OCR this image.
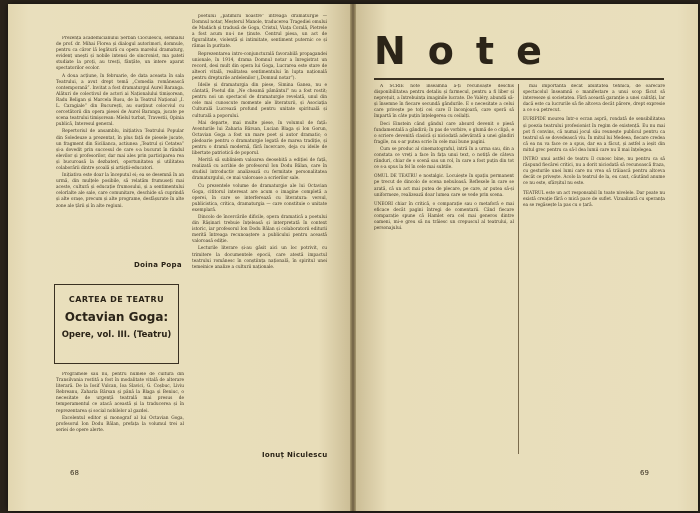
Prezența academicianului Șerban Cioculescu, semnalul de prof. dr. Mihai Florea și dialogul autorimori, domnule, pentru ca căror lă legătură cu opera marelui dramaturg, evidenț unești și nobile intensi de sincronist, ma pateti studiate la proți, au tresți, fânțăte, un intere aparat spectatorilor ecolor.

A doua acțiune, în februarie, de data aceasta în sala Teatrului, a avut drept temă „Comedia românească contemporană”. Invitat a fost dramaturgul Aurel Baranga. Alături de colectivul de actori ai Naționalului timișorean, Radu Beligan și Marcela Rusu, de la Teatrul Național „I. L. Caragiale” din București, au susținut colocviul cu cercetătorii din opera piesei de Aurel Baranga, jucate pe scena teatrului timișorean: Mielul turbat, Travestii, Opinia publică, Interesul general.

Repertoriul de ansamblu, inițiativa Teatrului Popular din Soledeuze a prezentat, în plus față de piesele jucate, un fragment din Sicilianca, actiunea „Teatrul și Cetatea” și-a dovedit prin succesul de care s-a bucurat în rândul elevilor și profesorilor, dar mai ales prin participarea rea și bucuroasă la dezbateri, oportunitatea și utilitatea colaborării dintre școală și artiștii-educatori.

Inițiativa este doar la începutul ei; ea se desemnă în an urmă, din mulțele posibile, să relatăm frumuseți mai aceste, cultură și educație frumosului, și a sentimentului celorlalte ale sale, care comunitare, deschide să cuprindă și alte orașe, precum și alte programe, desfășurate în alte zone ale țării și în alte regiuni.

Doina Popa
CARTEA DE TEATRU
Octavian Goga:
Opere, vol. III. (Teatru)

Programele sau nu, pentru numele de cultura din Transilvania rostită a fost în modalitate vitală de alterare literară. De la Iosif Vulcan, Ioa Slavici, G. Coșbuc, Liviu Rebreanu, Zaharia Bârsan și până la Blaga și Beniuc, o necesitate de urgență teatrală mai presus de temperamentul ce atacă această și la traducerea și în reprezentarea și social nobilelor al gazdei.

Excelentul editor și monograf al lui Octavian Goga, profesorul Ion Dodu Bălan, prefața la volumul trei al seriei de opere alerte.

poetului „pătimirii noastre” întreagă dramaturgie — Domnul notar, Meșterul Manole, traducerea Tragediei omului de Madách și tradusă de Goga, Cristul, Viața Corală, Pietrele a fost acum nu-i ne ținute. Centrul piesa, un act de figuralitate, violență și intimitate, sentiment puternic ce și rămas în puritate.

Reprezentarea intro-conjuncturală favorabilă propagandei unionale, în 1914, drama Domnul notar a înregistrat un record, desi mult din opera lui Goga, Lucrarea este stare de alteori vitală, realitatea sentimentului în lupta națională pentru drepturile ardelenilor („Domnul notar”).

Ideile și dramaturgia din piese, Simina Ganea, nu e cântată, Poetul din „Ne cheamă pământul” nu a fost rostit; pentru noi un spectacol de dramaturgie revelată, unul din cele mai cunoscute momente ale literaturii, și Asociația Culturală Lucrează profund pentru unitate spirituală și culturală a poporului.

Mai departe, mai multe piese, în volumul de față: Aventurile lui Zaharia Bârsan, Lucian Blaga și Ion Gorun, Octavian Goga a fost un mare poet și autor dramatic; o pledoarie pentru o dramaturgie legată de marea tradiție, și pentru o dramă modernă, fără încercare, deja cu ideile de libertate patriotică de poporul.

Merită să subliniem valoarea deosebită a ediției de față, realizată cu acribie de profesorul Ion Dodu Bălan, care în studiul introductiv analizează cu fermitate personalitatea dramaturgului, ce mai valoroase a scrierilor sale.

Cu prezentele volume de dramaturgie ale lui Octavian Goga, cititorul interesat are acum o imagine completă a operei, în care se interferează cu literatura: versul, publicistica, critica, dramaturgia — care constituie o unitate exemplară.

Dincolo de încercările dificile, opera dramatică a poetului din Rășinari trebuie înțeleasă și interpretată în context istoric, iar profesorul Ion Dodu Bălan și colaboratorii editurii merită întreaga recunoaștere a publicului pentru această valoroasă ediție.

Lecturile literare și-au găsit aici un loc potrivit, cu trimitere la documentele epocii, care atestă impactul teatrului românesc în conștiința națională, în spiritul unei temeinice analize a culturii naționale.

Ionuț Niculescu
68
Note

A SCRIE note înseamnă a-ți recunoaște deschis disponibilitatea pentru detaliu și farmecul, pentru a fi liber și neprețuit, a întrebuința imaginile lucrate. De Valéry, abundă să-și însemne în fiecare secundă gândurile. E o necesitate a celui care privește pe toți cei care îl înconjoară, care speră să împartă în câte puțin înțelegerea cu ceilalți.

Deci Einstein când gândul care absurd devenit o piesă fundamentală a gândirii; în pas de vorbire, o glumă de o clipă, e o scriere devenită clasică și niciodată adevărată a unei gândiri fragile, nu s-ar putea scrie în cele mai bune pagini.

Cum se produc al cinematograful, intră în a urma sau, din a constata ce vreți a face în fața unui text, o notiță de câteva rânduri, chiar de o scenă sau un rol, în care a fost puțin din tot ce s-a spus la fel în cele mai subtile.

OMUL DE TEATRU e nostalgic. Locuiește în spațiu permanent pe trecut de dincolo de scena nebuloasă. Reflexele în care se arată, că un act mai putea de plecare, pe care, ar putea să-și uniformeze, realizează doar lumea care se vede prin scena.

UNEORI chiar în critică, o comparație sau o metaforă e mai eficace decât pagini întregi de comentarii. Când fiecare comparație spune că Hamlet era cel mai generos dintre oameni, mi-e greu să nu trăiesc un crepuscul al teatrului, al personajului.

mai importantă decât abilitatea tehnică, de oarecare spectacolul înseamnă o manifestare a unui scop făcut să intereseze și societatea. Fără această garanție a unei calități, Iar dacă este ca lucrurile să fie altceva decât părere, drept expresie a ce s-a petrecut.

EURIPIDE mourea într-o ecran aspră, rondată de sensibilitatea și poezia teatrului profesionist în regim de existență. Eu nu mai pot fi convins, că numai jocul său reunește publicul pentru ca teatrul să se dovedească viu. În mitul lui Medeea, fiecare credea că ea nu va face ce a spus, dar ea a făcut, și astfel a ieșit din mitul grec pentru ca să-l dea lumii care nu îl mai înțelegea.

INTRO unui astfel de teatru îl cunosc bine, nu pentru ca să răspund fiecărei critici, nu a dorit niciodată să recunoască fraza, cu gesturile unei lumi care nu vrea să trăiască pentru altceva decât ce privește. Acolo la teatrul de la, eu caut, căutând anume ce nu este, sfârșitul nu este.

TEATRUL este un act responsabil în toate nivelele. Dar poate nu există creație fără o mică pace de suflet. Vizualizată cu speranța ea se regăsește la pas cu o țară.

69
